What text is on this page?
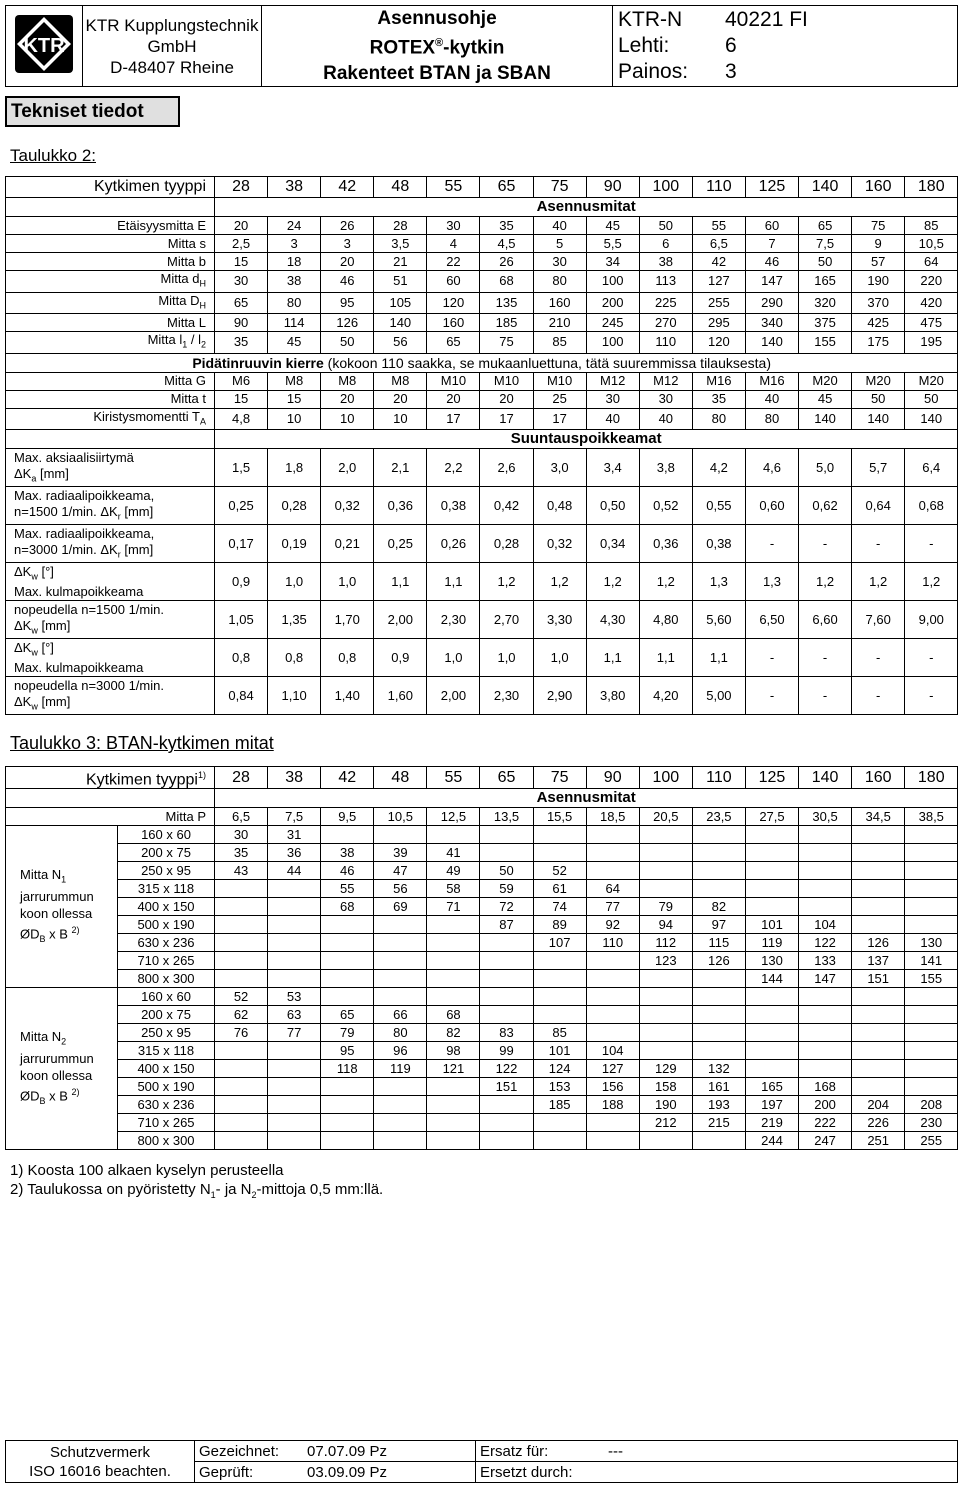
KTR

KTR Kupplungstechnik
GmbH
D-48407 Rheine

Asennusohje
ROTEX®-kytkin
Rakenteet BTAN ja SBAN

KTR-N	40221 FI
Lehti:	6
Painos:	3
Tekniset tiedot
Taulukko 2:
Kytkimen tyyppi	28	38	42	48	55	65	75	90	100	110	125	140	160	180
	Asennusmitat													
Etäisyysmitta E	20	24	26	28	30	35	40	45	50	55	60	65	75	85
Mitta s	2,5	3	3	3,5	4	4,5	5	5,5	6	6,5	7	7,5	9	10,5
Mitta b	15	18	20	21	22	26	30	34	38	42	46	50	57	64
Mitta $d_H$	30	38	46	51	60	68	80	100	113	127	147	165	190	220
Mitta $D_H$	65	80	95	105	120	135	160	200	225	255	290	320	370	420
Mitta L	90	114	126	140	160	185	210	245	270	295	340	375	425	475
Mitta $l_1 / l_2$	35	45	50	56	65	75	85	100	110	120	140	155	175	195
Pidätinruuvin kierre (kokoon 110 saakka, se mukaanluettuna, tätä suuremmissa tilauksesta)														
Mitta G	M6	M8	M8	M8	M10	M10	M10	M12	M12	M16	M16	M20	M20	M20
Mitta t	15	15	20	20	20	20	25	30	30	35	40	45	50	50
Kiristysmomentti $T_A$	4,8	10	10	10	17	17	17	40	40	80	80	140	140	140
	Suuntauspoikkeamat													

Max. aksiaalisiirtymä
$\Delta K_a$ [mm]	1,5	1,8	2,0	2,1	2,2	2,6	3,0	3,4	3,8	4,2	4,6	5,0	5,7	6,4

Max. radiaalipoikkeama,
n=1500 1/min. $\Delta K_r$ [mm]	0,25	0,28	0,32	0,36	0,38	0,42	0,48	0,50	0,52	0,55	0,60	0,62	0,64	0,68

Max. radiaalipoikkeama,
n=3000 1/min. $\Delta K_r$ [mm]	0,17	0,19	0,21	0,25	0,26	0,28	0,32	0,34	0,36	0,38	-	-	-	-

$\Delta K_w$ [°]
Max. kulmapoikkeama	0,9	1,0	1,0	1,1	1,1	1,2	1,2	1,2	1,2	1,3	1,3	1,2	1,2	1,2

nopeudella n=1500 1/min.
$\Delta K_w$ [mm]	1,05	1,35	1,70	2,00	2,30	2,70	3,30	4,30	4,80	5,60	6,50	6,60	7,60	9,00

$\Delta K_w$ [°]
Max. kulmapoikkeama	0,8	0,8	0,8	0,9	1,0	1,0	1,0	1,1	1,1	1,1	-	-	-	-

nopeudella n=3000 1/min.
$\Delta K_w$ [mm]	0,84	1,10	1,40	1,60	2,00	2,30	2,90	3,80	4,20	5,00	-	-	-	-
Taulukko 3: BTAN-kytkimen mitat
Kytkimen tyyppi$^{1)}$		28	38	42	48	55	65	75	90	100	110	125	140	160	180
		Asennusmitat													
Mitta P		6,5	7,5	9,5	10,5	12,5	13,5	15,5	18,5	20,5	23,5	27,5	30,5	34,5	38,5

Mitta $N_1$
jarrurummun
koon ollessa
$ØD_B$ x B $^{2)}$	160 x 60	30	31												
	200 x 75	35	36	38	39	41									
	250 x 95	43	44	46	47	49	50	52							
	315 x 118			55	56	58	59	61	64						
	400 x 150			68	69	71	72	74	77	79	82				
	500 x 190						87	89	92	94	97	101	104		
	630 x 236							107	110	112	115	119	122	126	130
	710 x 265									123	126	130	133	137	141
	800 x 300											144	147	151	155

Mitta $N_2$
jarrurummun
koon ollessa
$ØD_B$ x B $^{2)}$	160 x 60	52	53												
	200 x 75	62	63	65	66	68									
	250 x 95	76	77	79	80	82	83	85							
	315 x 118			95	96	98	99	101	104						
	400 x 150			118	119	121	122	124	127	129	132				
	500 x 190						151	153	156	158	161	165	168		
	630 x 236							185	188	190	193	197	200	204	208
	710 x 265									212	215	219	222	226	230
	800 x 300											244	247	251	255
1) Koosta 100 alkaen kyselyn perusteella
2) Taulukossa on pyöristetty $N_1-$ ja $N_2$-mittoja 0,5 mm:llä.
Schutzvermerk
ISO 16016 beachten.	Gezeichnet:	07.07.09 Pz	Ersatz für:	---
	Geprüft:	03.09.09 Pz	Ersetzt durch:	
